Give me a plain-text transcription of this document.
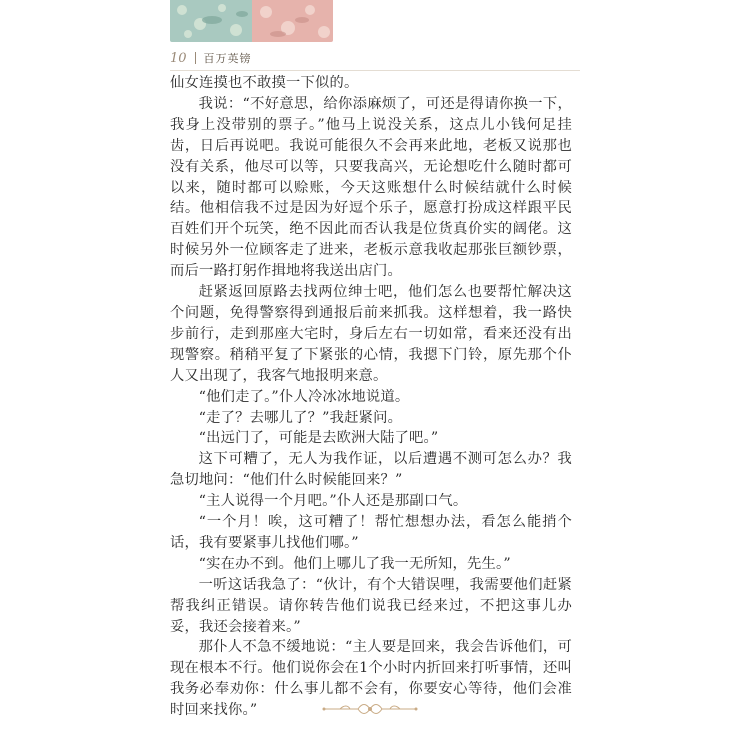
10 百万英镑

仙女连摸也不敢摸一下似的。

我说：“不好意思，给你添麻烦了，可还是得请你换一下，我身上没带别的票子。”他马上说没关系，这点儿小钱何足挂齿，日后再说吧。我说可能很久不会再来此地，老板又说那也没有关系，他尽可以等，只要我高兴，无论想吃什么随时都可以来，随时都可以赊账，今天这账想什么时候结就什么时候结。他相信我不过是因为好逗个乐子，愿意打扮成这样跟平民百姓们开个玩笑，绝不因此而否认我是位货真价实的阔佬。这时候另外一位顾客走了进来，老板示意我收起那张巨额钞票，而后一路打躬作揖地将我送出店门。

赶紧返回原路去找两位绅士吧，他们怎么也要帮忙解决这个问题，免得警察得到通报后前来抓我。这样想着，我一路快步前行，走到那座大宅时，身后左右一切如常，看来还没有出现警察。稍稍平复了下紧张的心情，我摁下门铃，原先那个仆人又出现了，我客气地报明来意。

“他们走了。”仆人冷冰冰地说道。

“走了？去哪儿了？”我赶紧问。

“出远门了，可能是去欧洲大陆了吧。”

这下可糟了，无人为我作证，以后遭遇不测可怎么办？我急切地问：“他们什么时候能回来？”

“主人说得一个月吧。”仆人还是那副口气。

“一个月！唉，这可糟了！帮忙想想办法，看怎么能捎个话，我有要紧事儿找他们哪。”

“实在办不到。他们上哪儿了我一无所知，先生。”

一听这话我急了：“伙计，有个大错误哩，我需要他们赶紧帮我纠正错误。请你转告他们说我已经来过，不把这事儿办妥，我还会接着来。”

那仆人不急不缓地说：“主人要是回来，我会告诉他们，可现在根本不行。他们说你会在1个小时内折回来打听事情，还叫我务必奉劝你：什么事儿都不会有，你要安心等待，他们会准时回来找你。”
